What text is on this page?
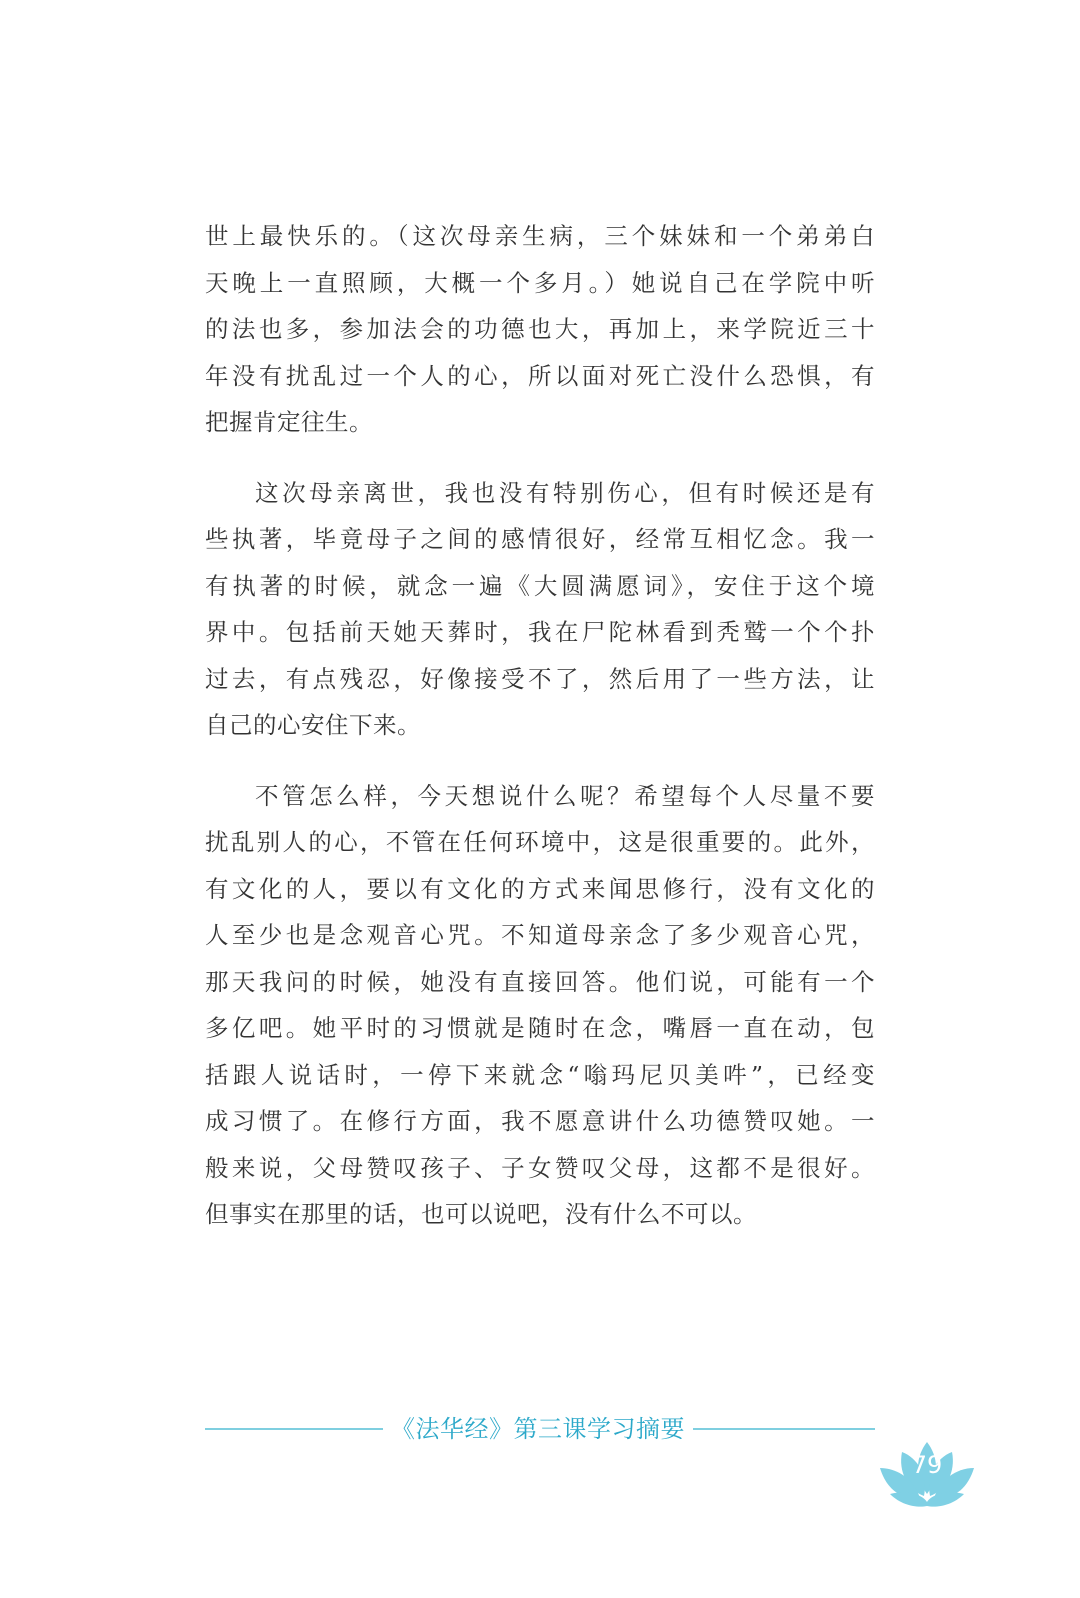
世上最快乐的。（这次母亲生病，三个妹妹和一个弟弟白
天晚上一直照顾，大概一个多月。）她说自己在学院中听
的法也多，参加法会的功德也大，再加上，来学院近三十
年没有扰乱过一个人的心，所以面对死亡没什么恐惧，有
把握肯定往生。
这次母亲离世，我也没有特别伤心，但有时候还是有
些执著，毕竟母子之间的感情很好，经常互相忆念。我一
有执著的时候，就念一遍《大圆满愿词》，安住于这个境
界中。包括前天她天葬时，我在尸陀林看到秃鹫一个个扑
过去，有点残忍，好像接受不了，然后用了一些方法，让
自己的心安住下来。
不管怎么样，今天想说什么呢？希望每个人尽量不要
扰乱别人的心，不管在任何环境中，这是很重要的。此外，
有文化的人，要以有文化的方式来闻思修行，没有文化的
人至少也是念观音心咒。不知道母亲念了多少观音心咒，
那天我问的时候，她没有直接回答。他们说，可能有一个
多亿吧。她平时的习惯就是随时在念，嘴唇一直在动，包
括跟人说话时，一停下来就念“嗡玛尼贝美吽”，已经变
成习惯了。在修行方面，我不愿意讲什么功德赞叹她。一
般来说，父母赞叹孩子、子女赞叹父母，这都不是很好。
但事实在那里的话，也可以说吧，没有什么不可以。
《法华经》第三课学习摘要
79
